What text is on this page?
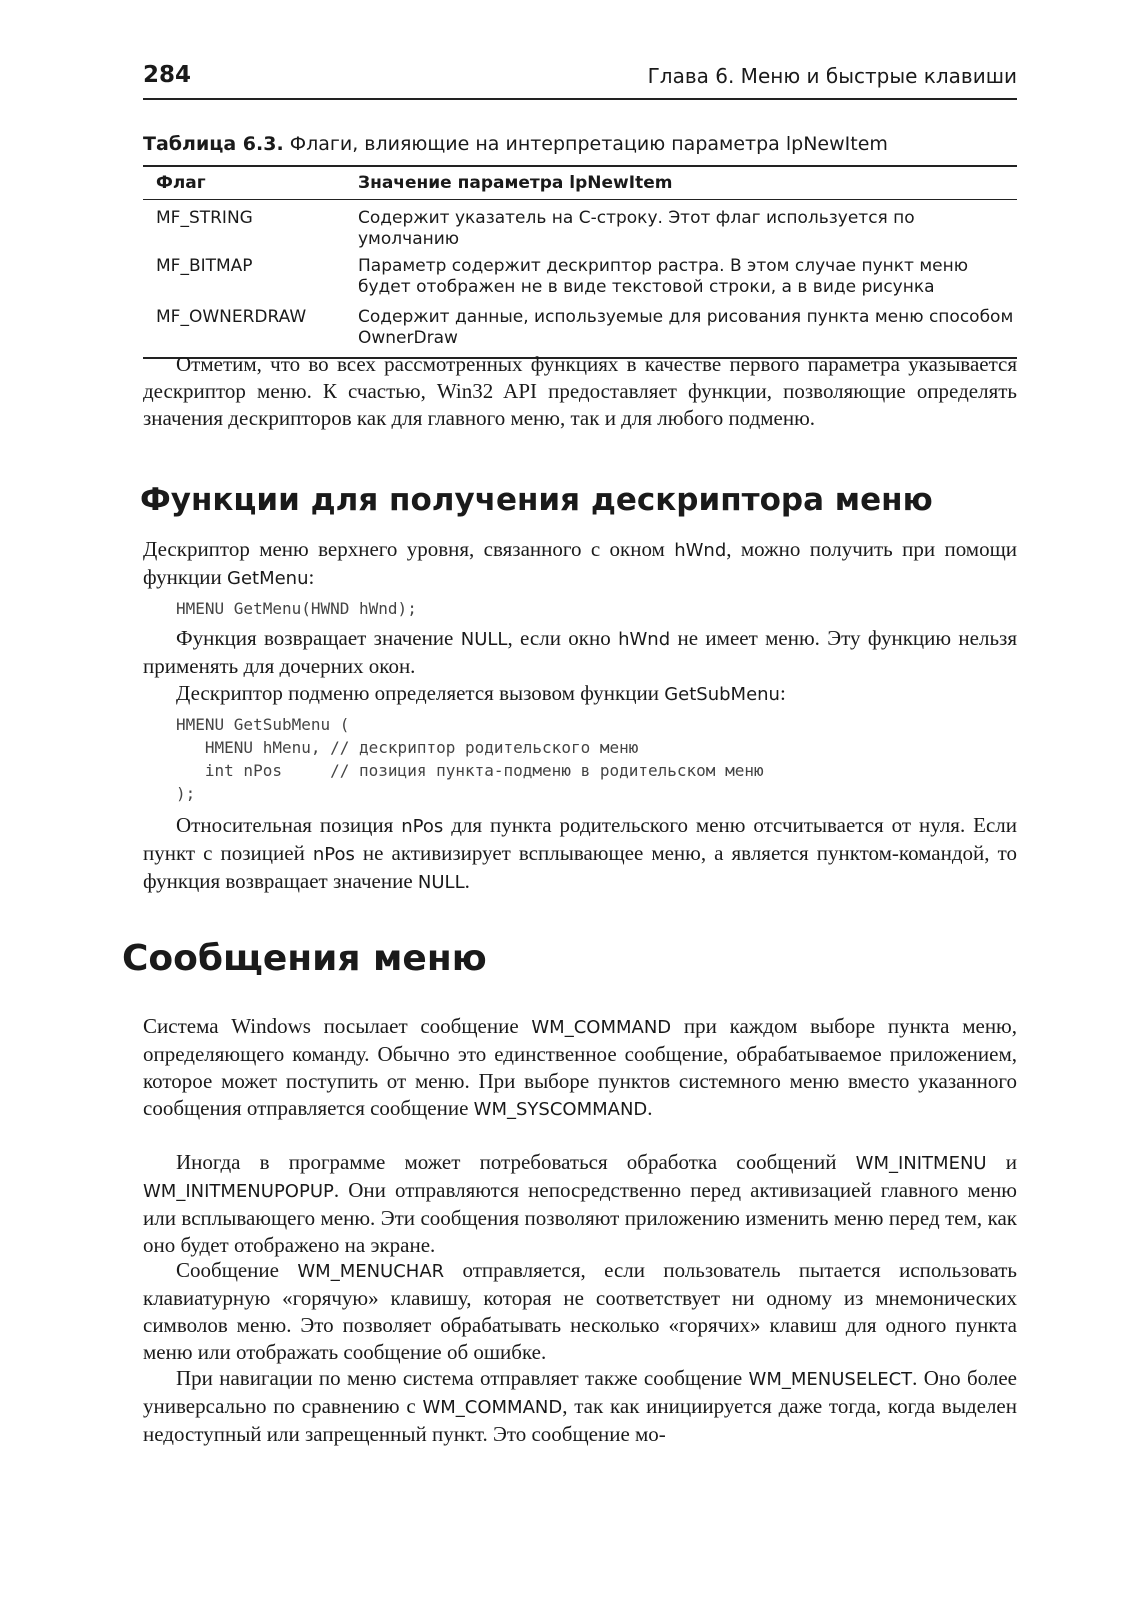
284	Глава 6. Меню и быстрые клавиши
Таблица 6.3. Флаги, влияющие на интерпретацию параметра lpNewItem
Флаг	Значение параметра lpNewItem
MF_STRING	Содержит указатель на C-строку. Этот флаг используется по умолчанию
MF_BITMAP	Параметр содержит дескриптор растра. В этом случае пункт меню будет отображен не в виде текстовой строки, а в виде рисунка
MF_OWNERDRAW	Содержит данные, используемые для рисования пункта меню способом OwnerDraw
Отметим, что во всех рассмотренных функциях в качестве первого параметра указывается дескриптор меню. К счастью, Win32 API предоставляет функции, позволяющие определять значения дескрипторов как для главного меню, так и для любого подменю.
Функции для получения дескриптора меню
Дескриптор меню верхнего уровня, связанного с окном hWnd, можно получить при помощи функции GetMenu:
HMENU GetMenu(HWND hWnd);
Функция возвращает значение NULL, если окно hWnd не имеет меню. Эту функцию нельзя применять для дочерних окон.
Дескриптор подменю определяется вызовом функции GetSubMenu:
HMENU GetSubMenu (
HMENU hMenu, // дескриптор родительского меню
int nPos     // позиция пункта-подменю в родительском меню
);
Относительная позиция nPos для пункта родительского меню отсчитывается от нуля. Если пункт с позицией nPos не активизирует всплывающее меню, а является пунктом-командой, то функция возвращает значение NULL.
Сообщения меню
Система Windows посылает сообщение WM_COMMAND при каждом выборе пункта меню, определяющего команду. Обычно это единственное сообщение, обрабатываемое приложением, которое может поступить от меню. При выборе пунктов системного меню вместо указанного сообщения отправляется сообщение WM_SYSCOMMAND.
Иногда в программе может потребоваться обработка сообщений WM_INITMENU и WM_INITMENUPOPUP. Они отправляются непосредственно перед активизацией главного меню или всплывающего меню. Эти сообщения позволяют приложению изменить меню перед тем, как оно будет отображено на экране.
Сообщение WM_MENUCHAR отправляется, если пользователь пытается использовать клавиатурную «горячую» клавишу, которая не соответствует ни одному из мнемонических символов меню. Это позволяет обрабатывать несколько «горячих» клавиш для одного пункта меню или отображать сообщение об ошибке.
При навигации по меню система отправляет также сообщение WM_MENUSELECT. Оно более универсально по сравнению с WM_COMMAND, так как инициируется даже тогда, когда выделен недоступный или запрещенный пункт. Это сообщение мо-
